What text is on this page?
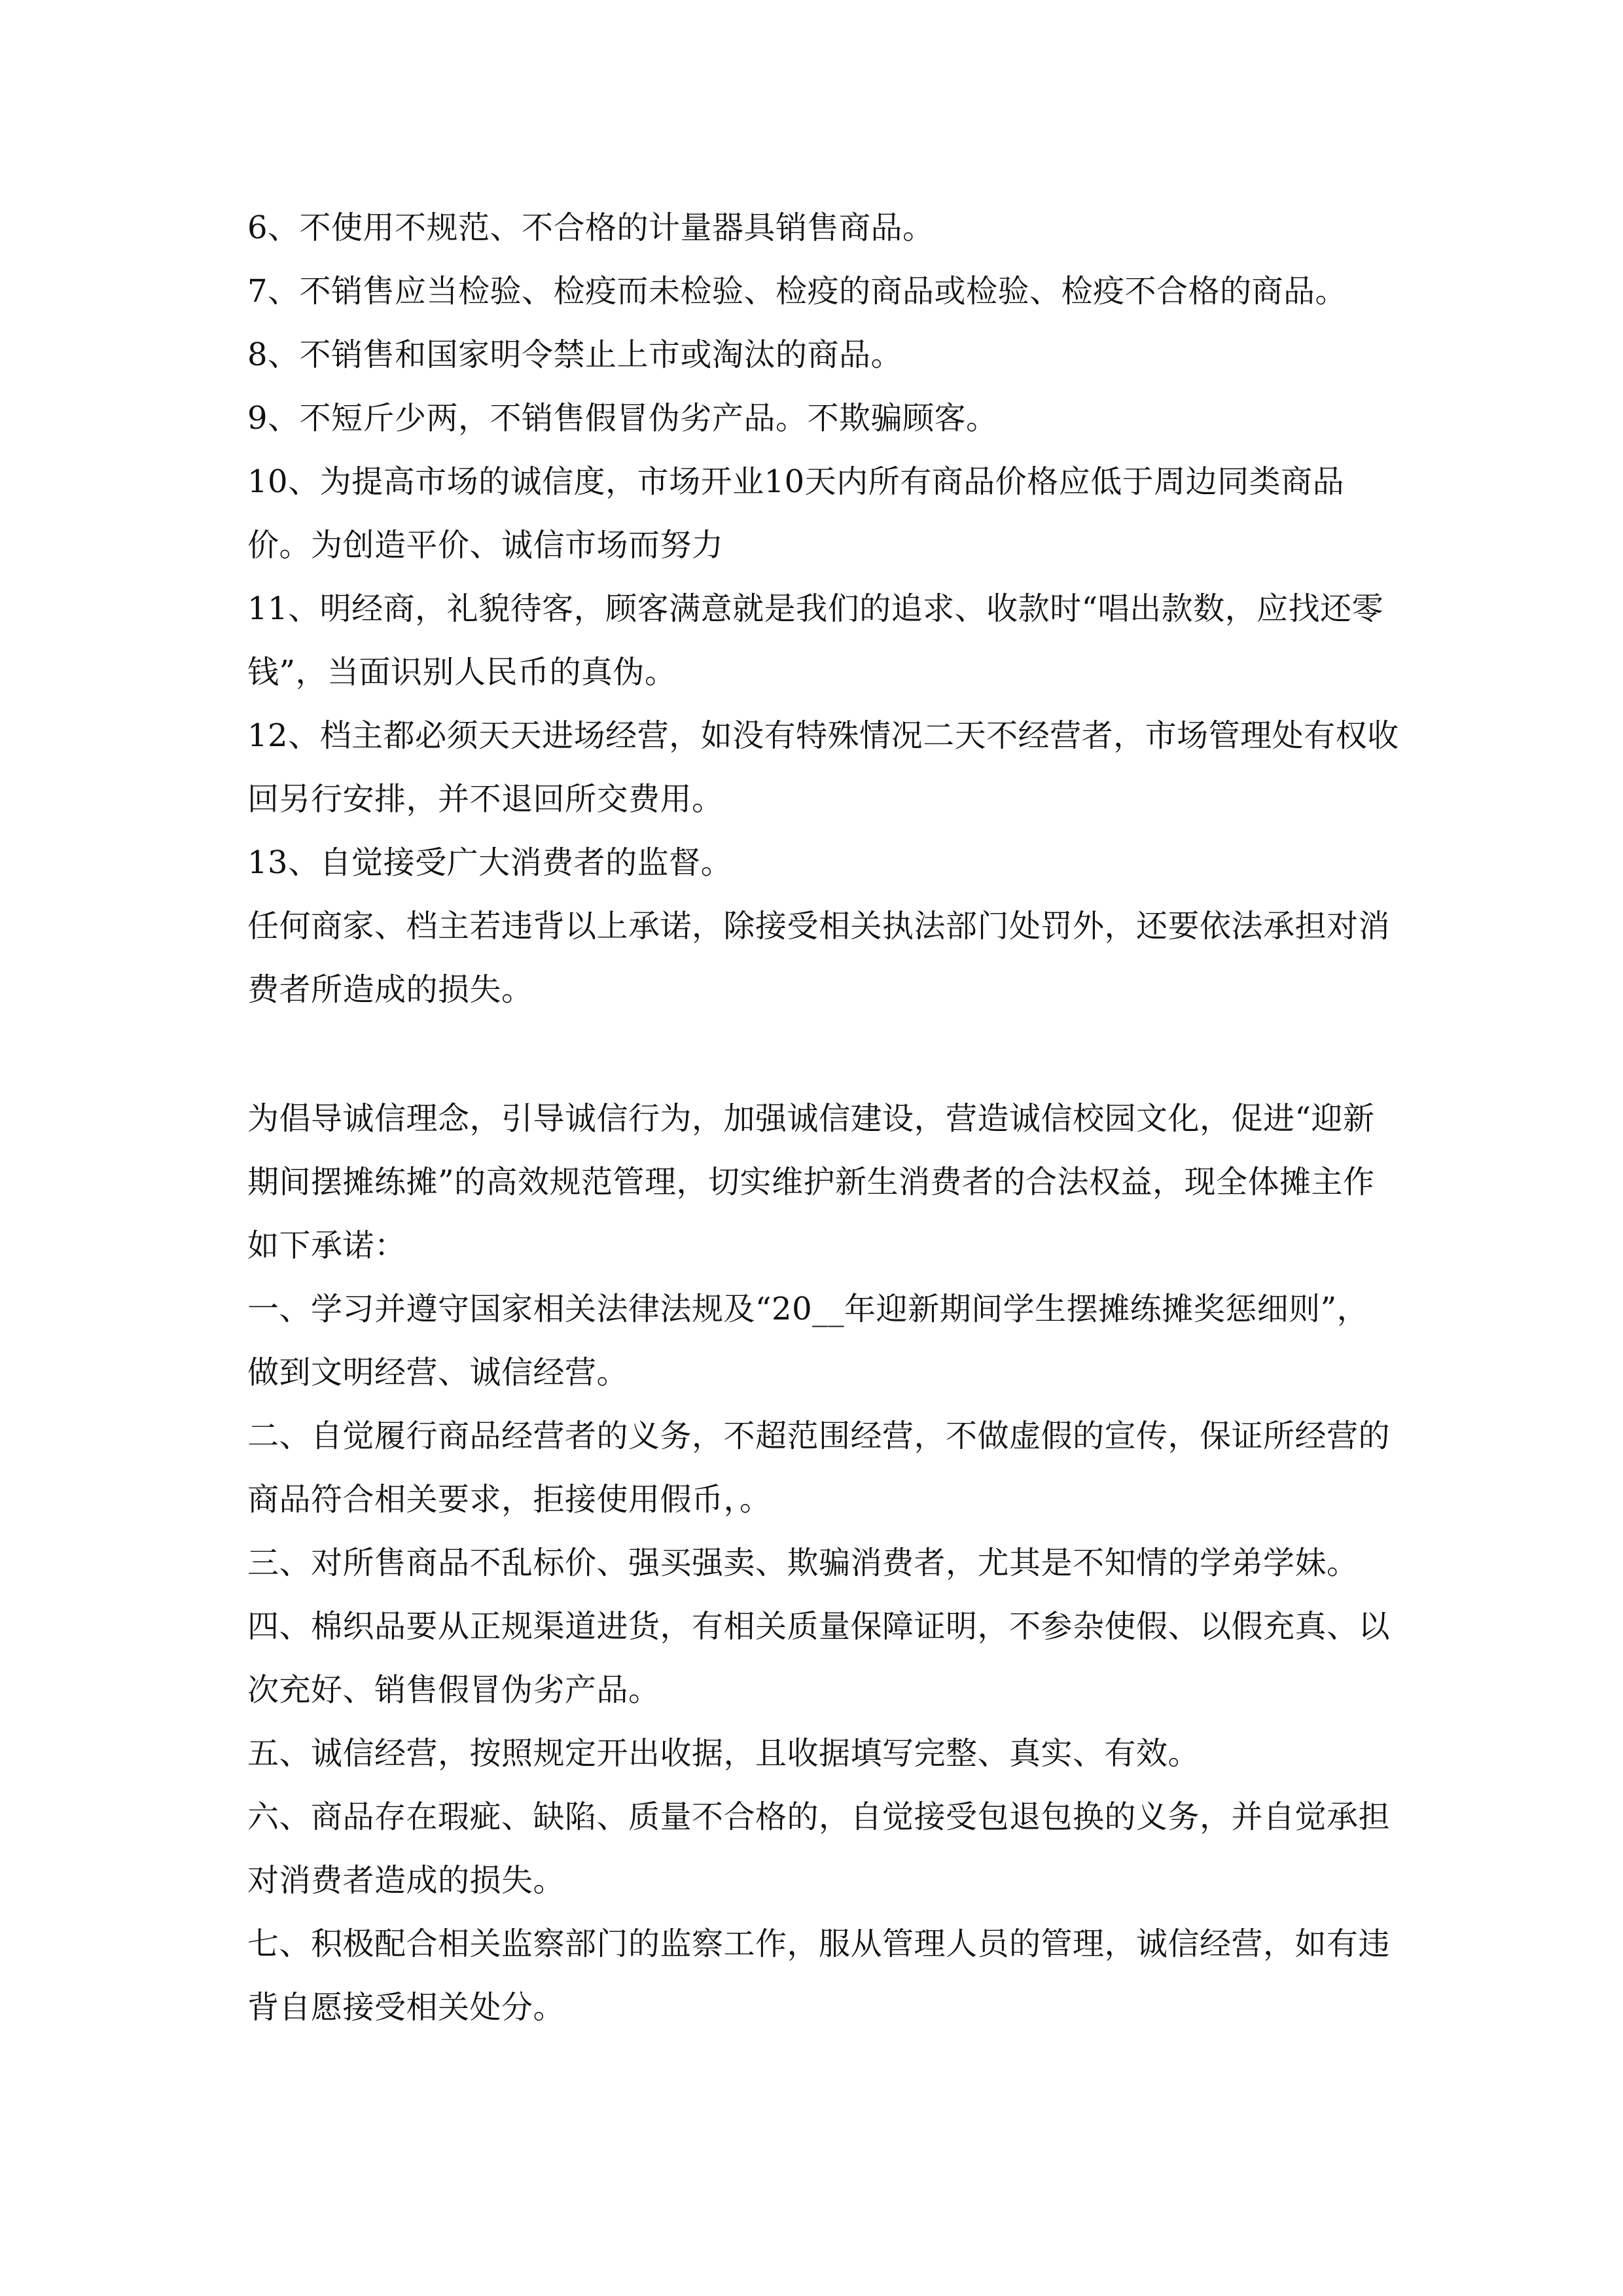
6、不使用不规范、不合格的计量器具销售商品。

7、不销售应当检验、检疫而未检验、检疫的商品或检验、检疫不合格的商品。

8、不销售和国家明令禁止上市或淘汰的商品。

9、不短斤少两，不销售假冒伪劣产品。不欺骗顾客。

10、为提高市场的诚信度，市场开业10天内所有商品价格应低于周边同类商品价。为创造平价、诚信市场而努力

11、明经商，礼貌待客，顾客满意就是我们的追求、收款时“唱出款数，应找还零钱”，当面识别人民币的真伪。

12、档主都必须天天进场经营，如没有特殊情况二天不经营者，市场管理处有权收回另行安排，并不退回所交费用。

13、自觉接受广大消费者的监督。

任何商家、档主若违背以上承诺，除接受相关执法部门处罚外，还要依法承担对消费者所造成的损失。

为倡导诚信理念，引导诚信行为，加强诚信建设，营造诚信校园文化，促进“迎新期间摆摊练摊”的高效规范管理，切实维护新生消费者的合法权益，现全体摊主作如下承诺：

一、学习并遵守国家相关法律法规及“20__年迎新期间学生摆摊练摊奖惩细则”，做到文明经营、诚信经营。

二、自觉履行商品经营者的义务，不超范围经营，不做虚假的宣传，保证所经营的商品符合相关要求，拒接使用假币，。

三、对所售商品不乱标价、强买强卖、欺骗消费者，尤其是不知情的学弟学妹。

四、棉织品要从正规渠道进货，有相关质量保障证明，不参杂使假、以假充真、以次充好、销售假冒伪劣产品。

五、诚信经营，按照规定开出收据，且收据填写完整、真实、有效。

六、商品存在瑕疵、缺陷、质量不合格的，自觉接受包退包换的义务，并自觉承担对消费者造成的损失。

七、积极配合相关监察部门的监察工作，服从管理人员的管理，诚信经营，如有违背自愿接受相关处分。
